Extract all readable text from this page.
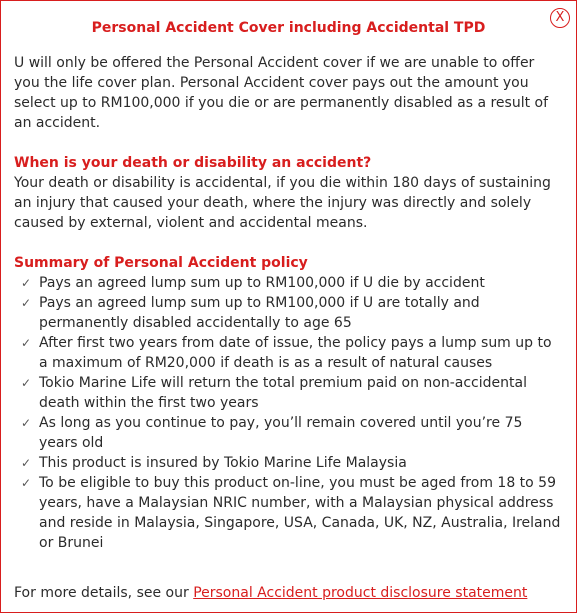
Personal Accident Cover including Accidental TPD
X

U will only be offered the Personal Accident cover if we are unable to offer you the life cover plan. Personal Accident cover pays out the amount you select up to RM100,000 if you die or are permanently disabled as a result of an accident.

When is your death or disability an accident?

Your death or disability is accidental, if you die within 180 days of sustaining an injury that caused your death, where the injury was directly and solely caused by external, violent and accidental means.

Summary of Personal Accident policy
✓ Pays an agreed lump sum up to RM100,000 if U die by accident
✓ Pays an agreed lump sum up to RM100,000 if U are totally and permanently disabled accidentally to age 65
✓ After first two years from date of issue, the policy pays a lump sum up to a maximum of RM20,000 if death is as a result of natural causes
✓ Tokio Marine Life will return the total premium paid on non-accidental death within the first two years
✓ As long as you continue to pay, you’ll remain covered until you’re 75 years old
✓ This product is insured by Tokio Marine Life Malaysia
✓ To be eligible to buy this product on-line, you must be aged from 18 to 59 years, have a Malaysian NRIC number, with a Malaysian physical address and reside in Malaysia, Singapore, USA, Canada, UK, NZ, Australia, Ireland or Brunei
For more details, see our Personal Accident product disclosure statement
